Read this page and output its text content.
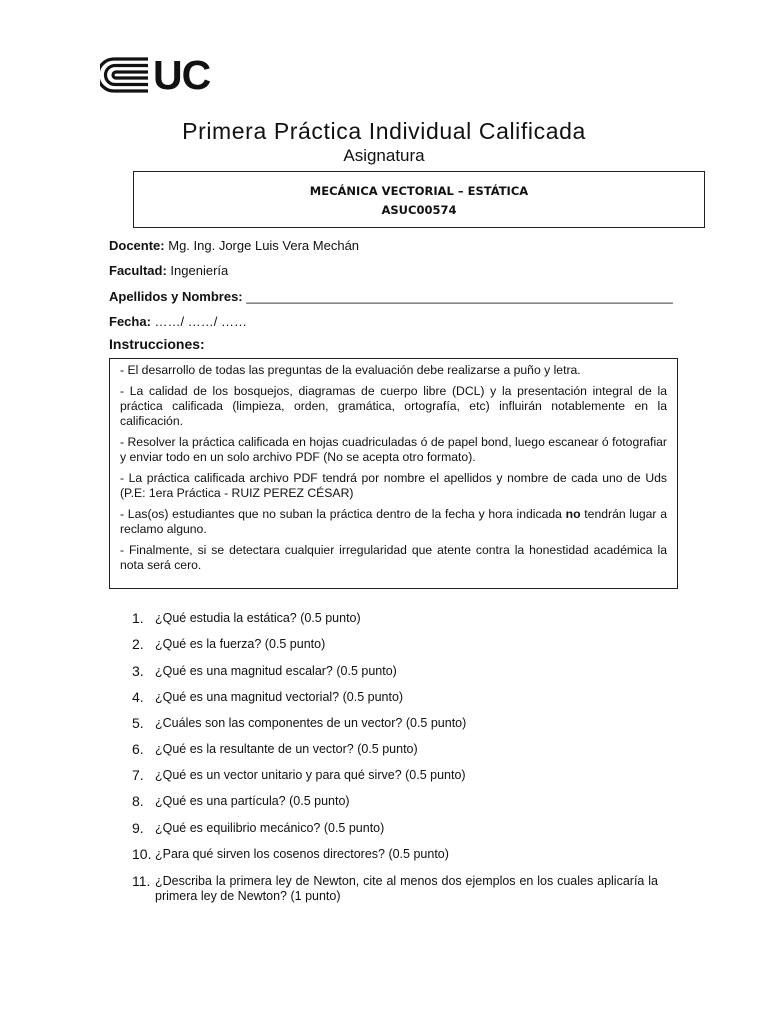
UC
Primera Práctica Individual Calificada
Asignatura
MECÁNICA VECTORIAL – ESTÁTICA
ASUC00574
Docente: Mg. Ing. Jorge Luis Vera Mechán
Facultad: Ingeniería
Apellidos y Nombres: ___________________________________________________________
Fecha: ……/ ……/ ……
Instrucciones:

- El desarrollo de todas las preguntas de la evaluación debe realizarse a puño y letra.

- La calidad de los bosquejos, diagramas de cuerpo libre (DCL) y la presentación integral de la práctica calificada (limpieza, orden, gramática, ortografía, etc) influirán notablemente en la calificación.

- Resolver la práctica calificada en hojas cuadriculadas ó de papel bond, luego escanear ó fotografiar y enviar todo en un solo archivo PDF (No se acepta otro formato).

- La práctica calificada archivo PDF tendrá por nombre el apellidos y nombre de cada uno de Uds (P.E: 1era Práctica - RUIZ PEREZ CÉSAR)

- Las(os) estudiantes que no suban la práctica dentro de la fecha y hora indicada no tendrán lugar a reclamo alguno.

- Finalmente, si se detectara cualquier irregularidad que atente contra la honestidad académica la nota será cero.

1. ¿Qué estudia la estática? (0.5 punto)
2. ¿Qué es la fuerza? (0.5 punto)
3. ¿Qué es una magnitud escalar? (0.5 punto)
4. ¿Qué es una magnitud vectorial? (0.5 punto)
5. ¿Cuáles son las componentes de un vector? (0.5 punto)
6. ¿Qué es la resultante de un vector? (0.5 punto)
7. ¿Qué es un vector unitario y para qué sirve? (0.5 punto)
8. ¿Qué es una partícula? (0.5 punto)
9. ¿Qué es equilibrio mecánico? (0.5 punto)
10. ¿Para qué sirven los cosenos directores? (0.5 punto)
11. ¿Describa la primera ley de Newton, cite al menos dos ejemplos en los cuales aplicaría la primera ley de Newton? (1 punto)
